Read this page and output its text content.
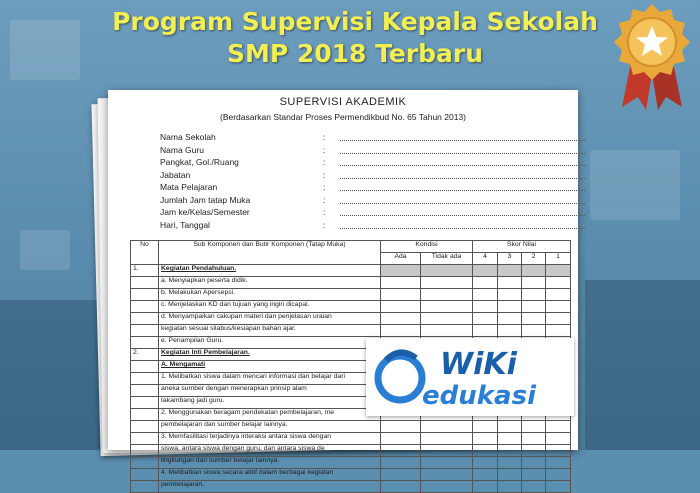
Program Supervisi Kepala Sekolah
SMP 2018 Terbaru
SUPERVISI AKADEMIK
(Berdasarkan Standar Proses Permendikbud No. 65 Tahun 2013)
Nama Sekolah	:
Nama Guru	:
Pangkat, Gol./Ruang	:
Jabatan	:
Mata Pelajaran	:
Jumlah Jam tatap Muka	:
Jam ke/Kelas/Semester	:
Hari, Tanggal	:
No	Sub Komponen dan Butir Komponen (Tatap Muka)	Kondisi		Skor Nilai			
		Ada	Tidak ada	4	3	2	1
1.	Kegiatan Pendahuluan.						
	a. Menyiapkan peserta didik.						
	b. Melakukan Apersepsi.						
	c. Menjelaskan KD dan tujuan yang ingin dicapai.						
	d. Menyampaikan cakupan materi dan penjelasan uraian						
	kegiatan sesuai silabus/kesiapan bahan ajar.						
	e. Penampilan Guru.						
2.	Kegiatan Inti Pembelajaran.						
	A. Mengamati						
	1. Melibatkan siswa dalam mencari informasi dan belajar dari						
	aneka sumber dengan menerapkan prinsip alam						
	takambang jadi guru.						
	2. Menggunakan beragam pendekatan pembelajaran, me						
	pembelajaran dan sumber belajar lainnya.						
	3. Memfasilitasi terjadinya interaksi antara siswa dengan						
	siswa, antara siswa dengan guru, dan antara siswa de						
	lingkungan dan sumber belajar lainnya.						
	4. Melibatkan siswa secara aktif dalam berbagai kegiatan						
	pembelajaran.						
WiKi
edukasi
